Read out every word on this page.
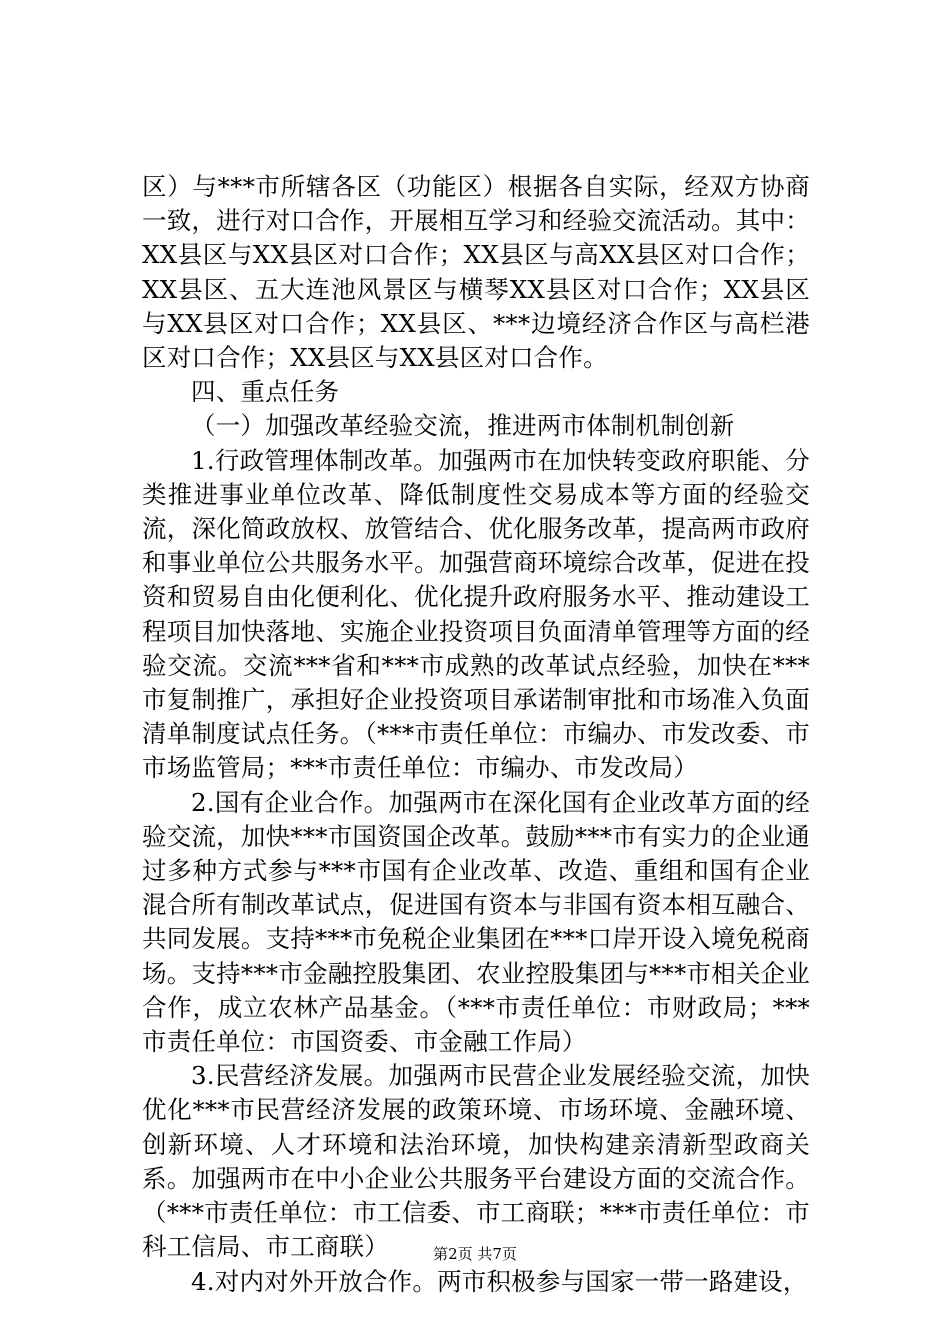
区）与***市所辖各区（功能区）根据各自实际，经双方协商一致，进行对口合作，开展相互学习和经验交流活动。其中：XX县区与XX县区对口合作；XX县区与高XX县区对口合作；XX县区、五大连池风景区与横琴XX县区对口合作；XX县区与XX县区对口合作；XX县区、***边境经济合作区与高栏港区对口合作；XX县区与XX县区对口合作。

四、重点任务

（一）加强改革经验交流，推进两市体制机制创新

1.行政管理体制改革。加强两市在加快转变政府职能、分类推进事业单位改革、降低制度性交易成本等方面的经验交流，深化简政放权、放管结合、优化服务改革，提高两市政府和事业单位公共服务水平。加强营商环境综合改革，促进在投资和贸易自由化便利化、优化提升政府服务水平、推动建设工程项目加快落地、实施企业投资项目负面清单管理等方面的经验交流。交流***省和***市成熟的改革试点经验，加快在***市复制推广，承担好企业投资项目承诺制审批和市场准入负面清单制度试点任务。（***市责任单位：市编办、市发改委、市市场监管局；***市责任单位：市编办、市发改局）

2.国有企业合作。加强两市在深化国有企业改革方面的经验交流，加快***市国资国企改革。鼓励***市有实力的企业通过多种方式参与***市国有企业改革、改造、重组和国有企业混合所有制改革试点，促进国有资本与非国有资本相互融合、共同发展。支持***市免税企业集团在***口岸开设入境免税商场。支持***市金融控股集团、农业控股集团与***市相关企业合作，成立农林产品基金。（***市责任单位：市财政局；***市责任单位：市国资委、市金融工作局）

3.民营经济发展。加强两市民营企业发展经验交流，加快优化***市民营经济发展的政策环境、市场环境、金融环境、创新环境、人才环境和法治环境，加快构建亲清新型政商关系。加强两市在中小企业公共服务平台建设方面的交流合作。（***市责任单位：市工信委、市工商联；***市责任单位：市科工信局、市工商联）

4.对内对外开放合作。两市积极参与国家一带一路建设，

第2页 共7页
